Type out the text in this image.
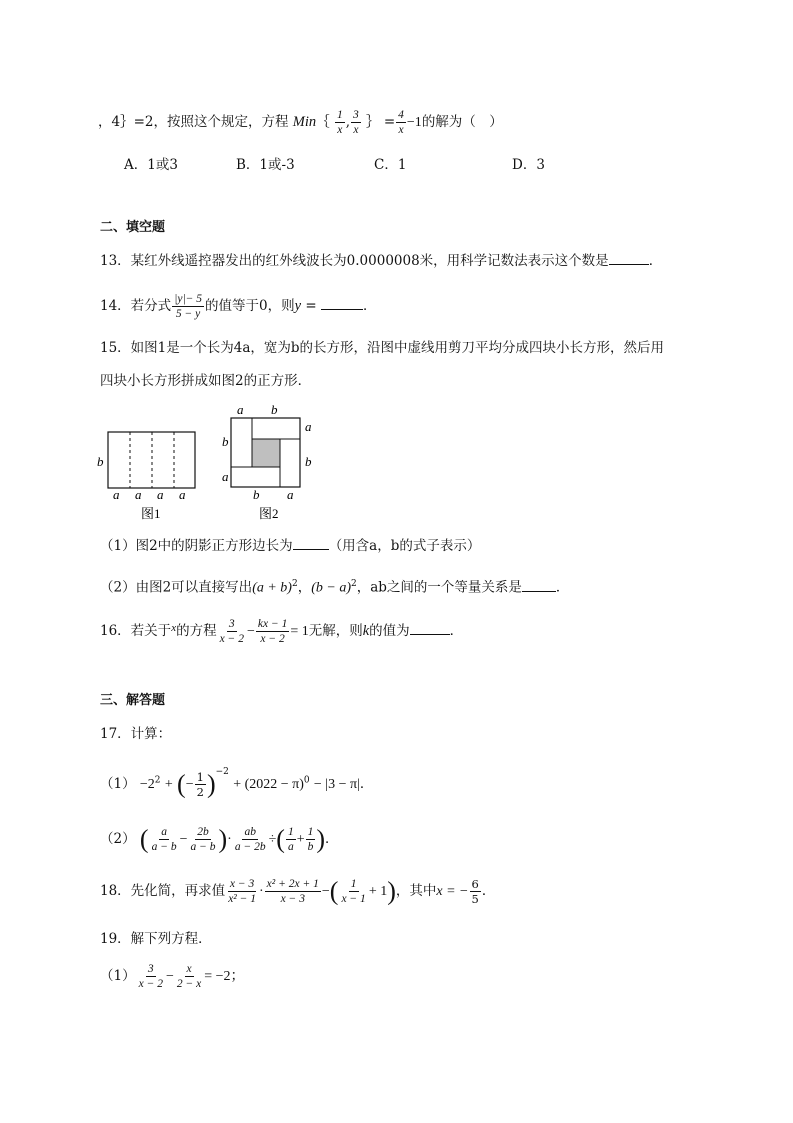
，4｝=2，按照这个规定，方程 Min｛ $\frac{1}{x}$ , $\frac{3}{x}$ ｝ = $\frac{4}{x} -1$的解为（　）
A．1或3	B．1或-3	C．1	D．3
二、填空题
13．某红外线遥控器发出的红外线波长为0.0000008米，用科学记数法表示这个数是	．
14．若分式 $\frac{|y|- 5}{5 - y}$ 的值等于0，则y =	．
15．如图1是一个长为4a，宽为b的长方形，沿图中虚线用剪刀平均分成四块小长方形，然后用
四块小长方形拼成如图2的正方形．
b
a a a a
图1
a b
a
b
b
a
b a
图2
（1）图2中的阴影正方形边长为	（用含a，b的式子表示）
（2）由图2可以直接写出$(a + b)^2$，$(b - a)^2$，ab之间的一个等量关系是	．
16．若关于$^x$的方程 $\frac{3}{x - 2} - \frac{kx - 1}{x - 2} = 1$无解，则k的值为	．
三、解答题
17．计算：
$(1) -2^2$ + (− $\frac{1}{2} )^{-2} + (2022 - \pi)^0 - |3 - \pi|$．
（2） ( $\frac{a}{a - b} - \frac{2b}{a - b}$ )· $\frac{ab}{a - 2b}$ ÷( $\frac{1}{a} + \frac{1}{b}$ )．
18．先化简，再求值 $\frac{x - 3}{\text{x² − 1}} \cdot \frac{\text{x² + 2x + 1}}{x - 3}$ −( $\frac{1}{x - 1} + 1$)，其中x = − $\frac{6}{5}$ ．
19．解下列方程．
$(1) \frac{3}{x - 2} - \frac{x}{2 - x} = -2$；
